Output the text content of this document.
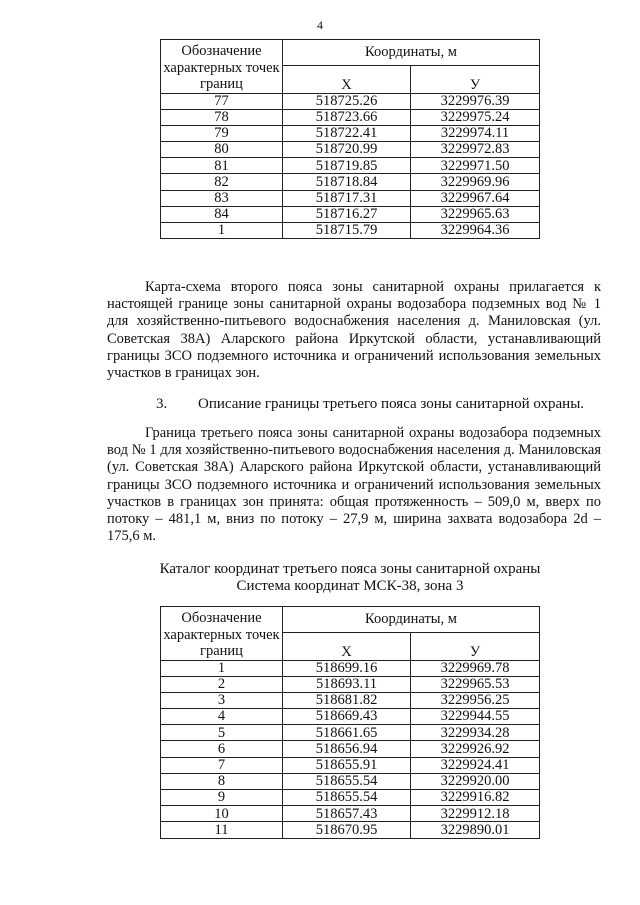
4
Обозначение характерных точек границ	Координаты, м	
	X	У
77	518725.26	3229976.39
78	518723.66	3229975.24
79	518722.41	3229974.11
80	518720.99	3229972.83
81	518719.85	3229971.50
82	518718.84	3229969.96
83	518717.31	3229967.64
84	518716.27	3229965.63
1	518715.79	3229964.36

Карта-схема второго пояса зоны санитарной охраны прилагается к настоящей границе зоны санитарной охраны водозабора подземных вод № 1 для хозяйственно-питьевого водоснабжения населения д. Маниловская (ул. Советская 38А) Аларского района Иркутской области, устанавливающий границы ЗСО подземного источника и ограничений использования земельных участков в границах зон.

3. Описание границы третьего пояса зоны санитарной охраны.

Граница третьего пояса зоны санитарной охраны водозабора подземных вод № 1 для хозяйственно-питьевого водоснабжения населения д. Маниловская (ул. Советская 38А) Аларского района Иркутской области, устанавливающий границы ЗСО подземного источника и ограничений использования земельных участков в границах зон принята: общая протяженность – 509,0 м, вверх по потоку – 481,1 м, вниз по потоку – 27,9 м, ширина захвата водозабора 2d – 175,6 м.

Каталог координат третьего пояса зоны санитарной охраны
Система координат МСК-38, зона 3
Обозначение характерных точек границ	Координаты, м	
	X	У
1	518699.16	3229969.78
2	518693.11	3229965.53
3	518681.82	3229956.25
4	518669.43	3229944.55
5	518661.65	3229934.28
6	518656.94	3229926.92
7	518655.91	3229924.41
8	518655.54	3229920.00
9	518655.54	3229916.82
10	518657.43	3229912.18
11	518670.95	3229890.01
